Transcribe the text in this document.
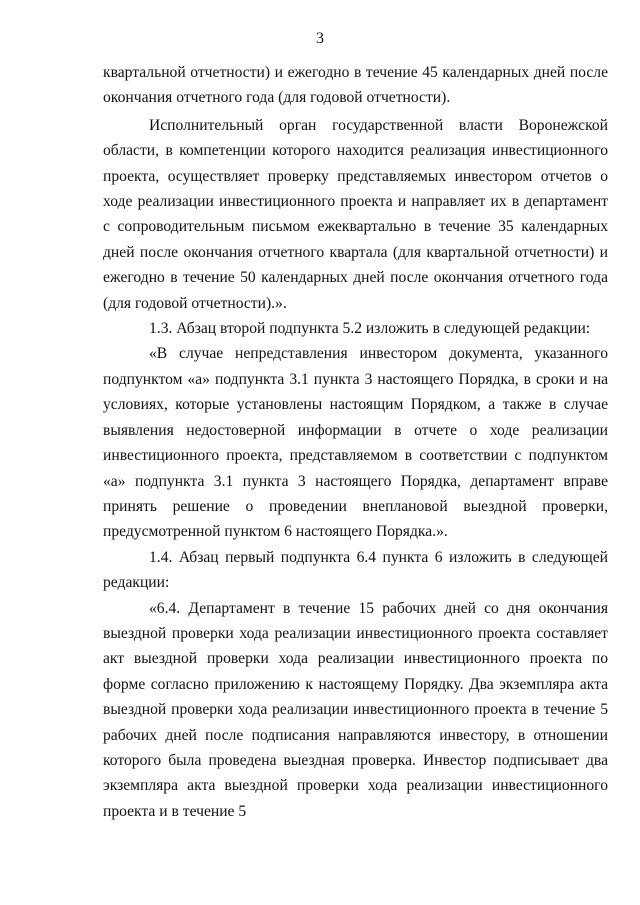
3

квартальной отчетности) и ежегодно в течение 45 календарных дней после окончания отчетного года (для годовой отчетности).

Исполнительный орган государственной власти Воронежской области, в компетенции которого находится реализация инвестиционного проекта, осуществляет проверку представляемых инвестором отчетов о ходе реализации инвестиционного проекта и направляет их в департамент с сопроводительным письмом ежеквартально в течение 35 календарных дней после окончания отчетного квартала (для квартальной отчетности) и ежегодно в течение 50 календарных дней после окончания отчетного года (для годовой отчетности).».

1.3. Абзац второй подпункта 5.2 изложить в следующей редакции:

«В случае непредставления инвестором документа, указанного подпунктом «а» подпункта 3.1 пункта 3 настоящего Порядка, в сроки и на условиях, которые установлены настоящим Порядком, а также в случае выявления недостоверной информации в отчете о ходе реализации инвестиционного проекта, представляемом в соответствии с подпунктом «а» подпункта 3.1 пункта 3 настоящего Порядка, департамент вправе принять решение о проведении внеплановой выездной проверки, предусмотренной пунктом 6 настоящего Порядка.».

1.4. Абзац первый подпункта 6.4 пункта 6 изложить в следующей редакции:

«6.4. Департамент в течение 15 рабочих дней со дня окончания выездной проверки хода реализации инвестиционного проекта составляет акт выездной проверки хода реализации инвестиционного проекта по форме согласно приложению к настоящему Порядку. Два экземпляра акта выездной проверки хода реализации инвестиционного проекта в течение 5 рабочих дней после подписания направляются инвестору, в отношении которого была проведена выездная проверка. Инвестор подписывает два экземпляра акта выездной проверки хода реализации инвестиционного проекта и в течение 5
